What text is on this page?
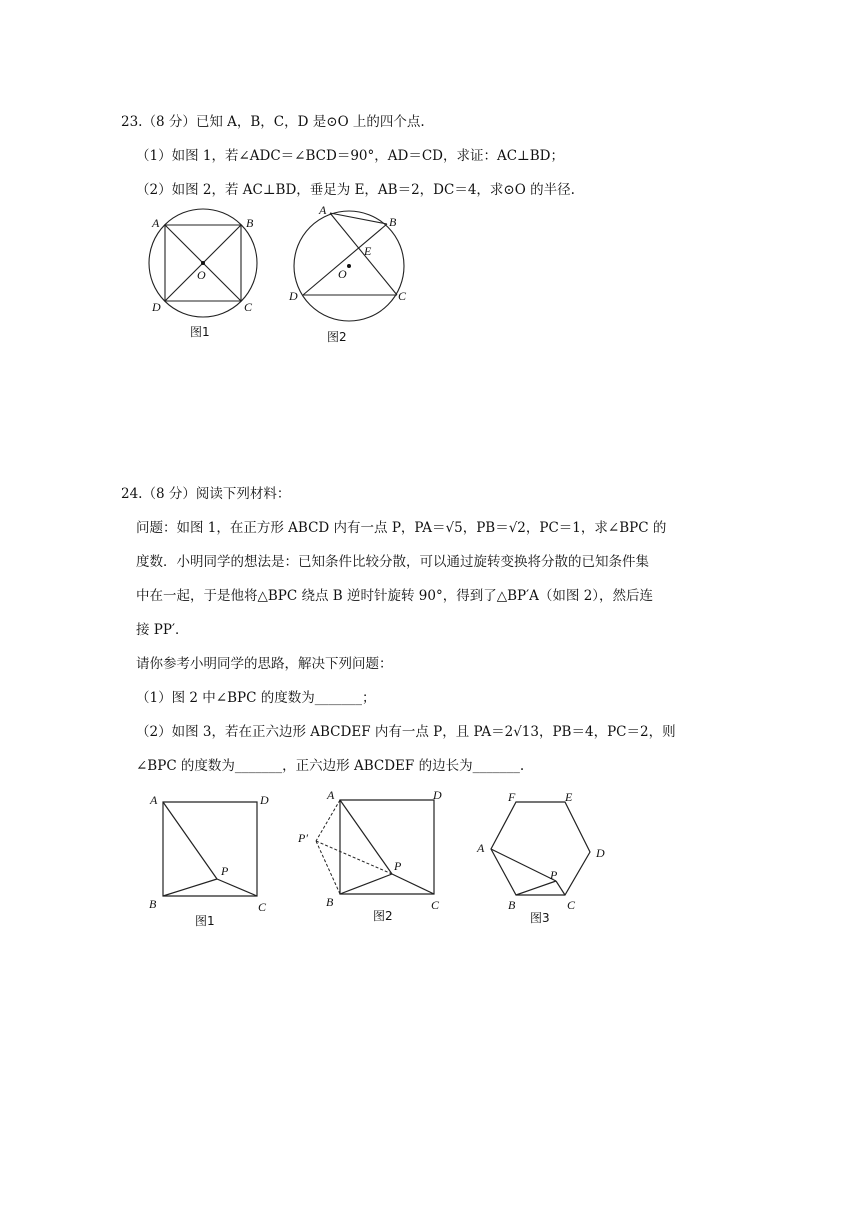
23.（8 分）已知 A，B，C，D 是⊙O 上的四个点.
（1）如图 1，若∠ADC＝∠BCD＝90°，AD＝CD，求证：AC⊥BD；
（2）如图 2，若 AC⊥BD，垂足为 E，AB＝2，DC＝4，求⊙O 的半径.
A	B
O
D	C
图1
A
B
E
O
D	C
图2
24.（8 分）阅读下列材料：
问题：如图 1，在正方形 ABCD 内有一点 P，PA＝√5，PB＝√2，PC＝1，求∠BPC 的
度数．小明同学的想法是：已知条件比较分散，可以通过旋转变换将分散的已知条件集
中在一起，于是他将△BPC 绕点 B 逆时针旋转 90°，得到了△BP′A（如图 2），然后连
接 PP′．
请你参考小明同学的思路，解决下列问题：
（1）图 2 中∠BPC 的度数为_______；
（2）如图 3，若在正六边形 ABCDEF 内有一点 P，且 PA＝2√13，PB＝4，PC＝2，则
∠BPC 的度数为_______，正六边形 ABCDEF 的边长为_______.
A	D
P
B	C
图1
A	D
P′
P
B	C
图2
F	E
D
A
P
B	C
图3
